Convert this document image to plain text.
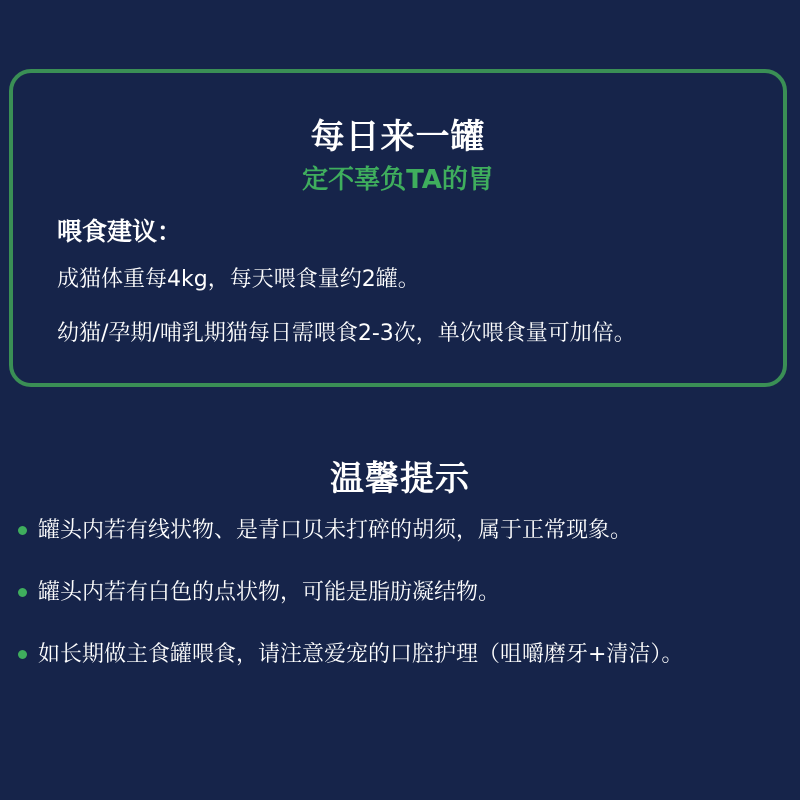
每日来一罐
定不辜负TA的胃
喂食建议：
成猫体重每4kg，每天喂食量约2罐。
幼猫/孕期/哺乳期猫每日需喂食2-3次，单次喂食量可加倍。
温馨提示
罐头内若有线状物、是青口贝未打碎的胡须，属于正常现象。
罐头内若有白色的点状物，可能是脂肪凝结物。
如长期做主食罐喂食，请注意爱宠的口腔护理（咀嚼磨牙+清洁）。
